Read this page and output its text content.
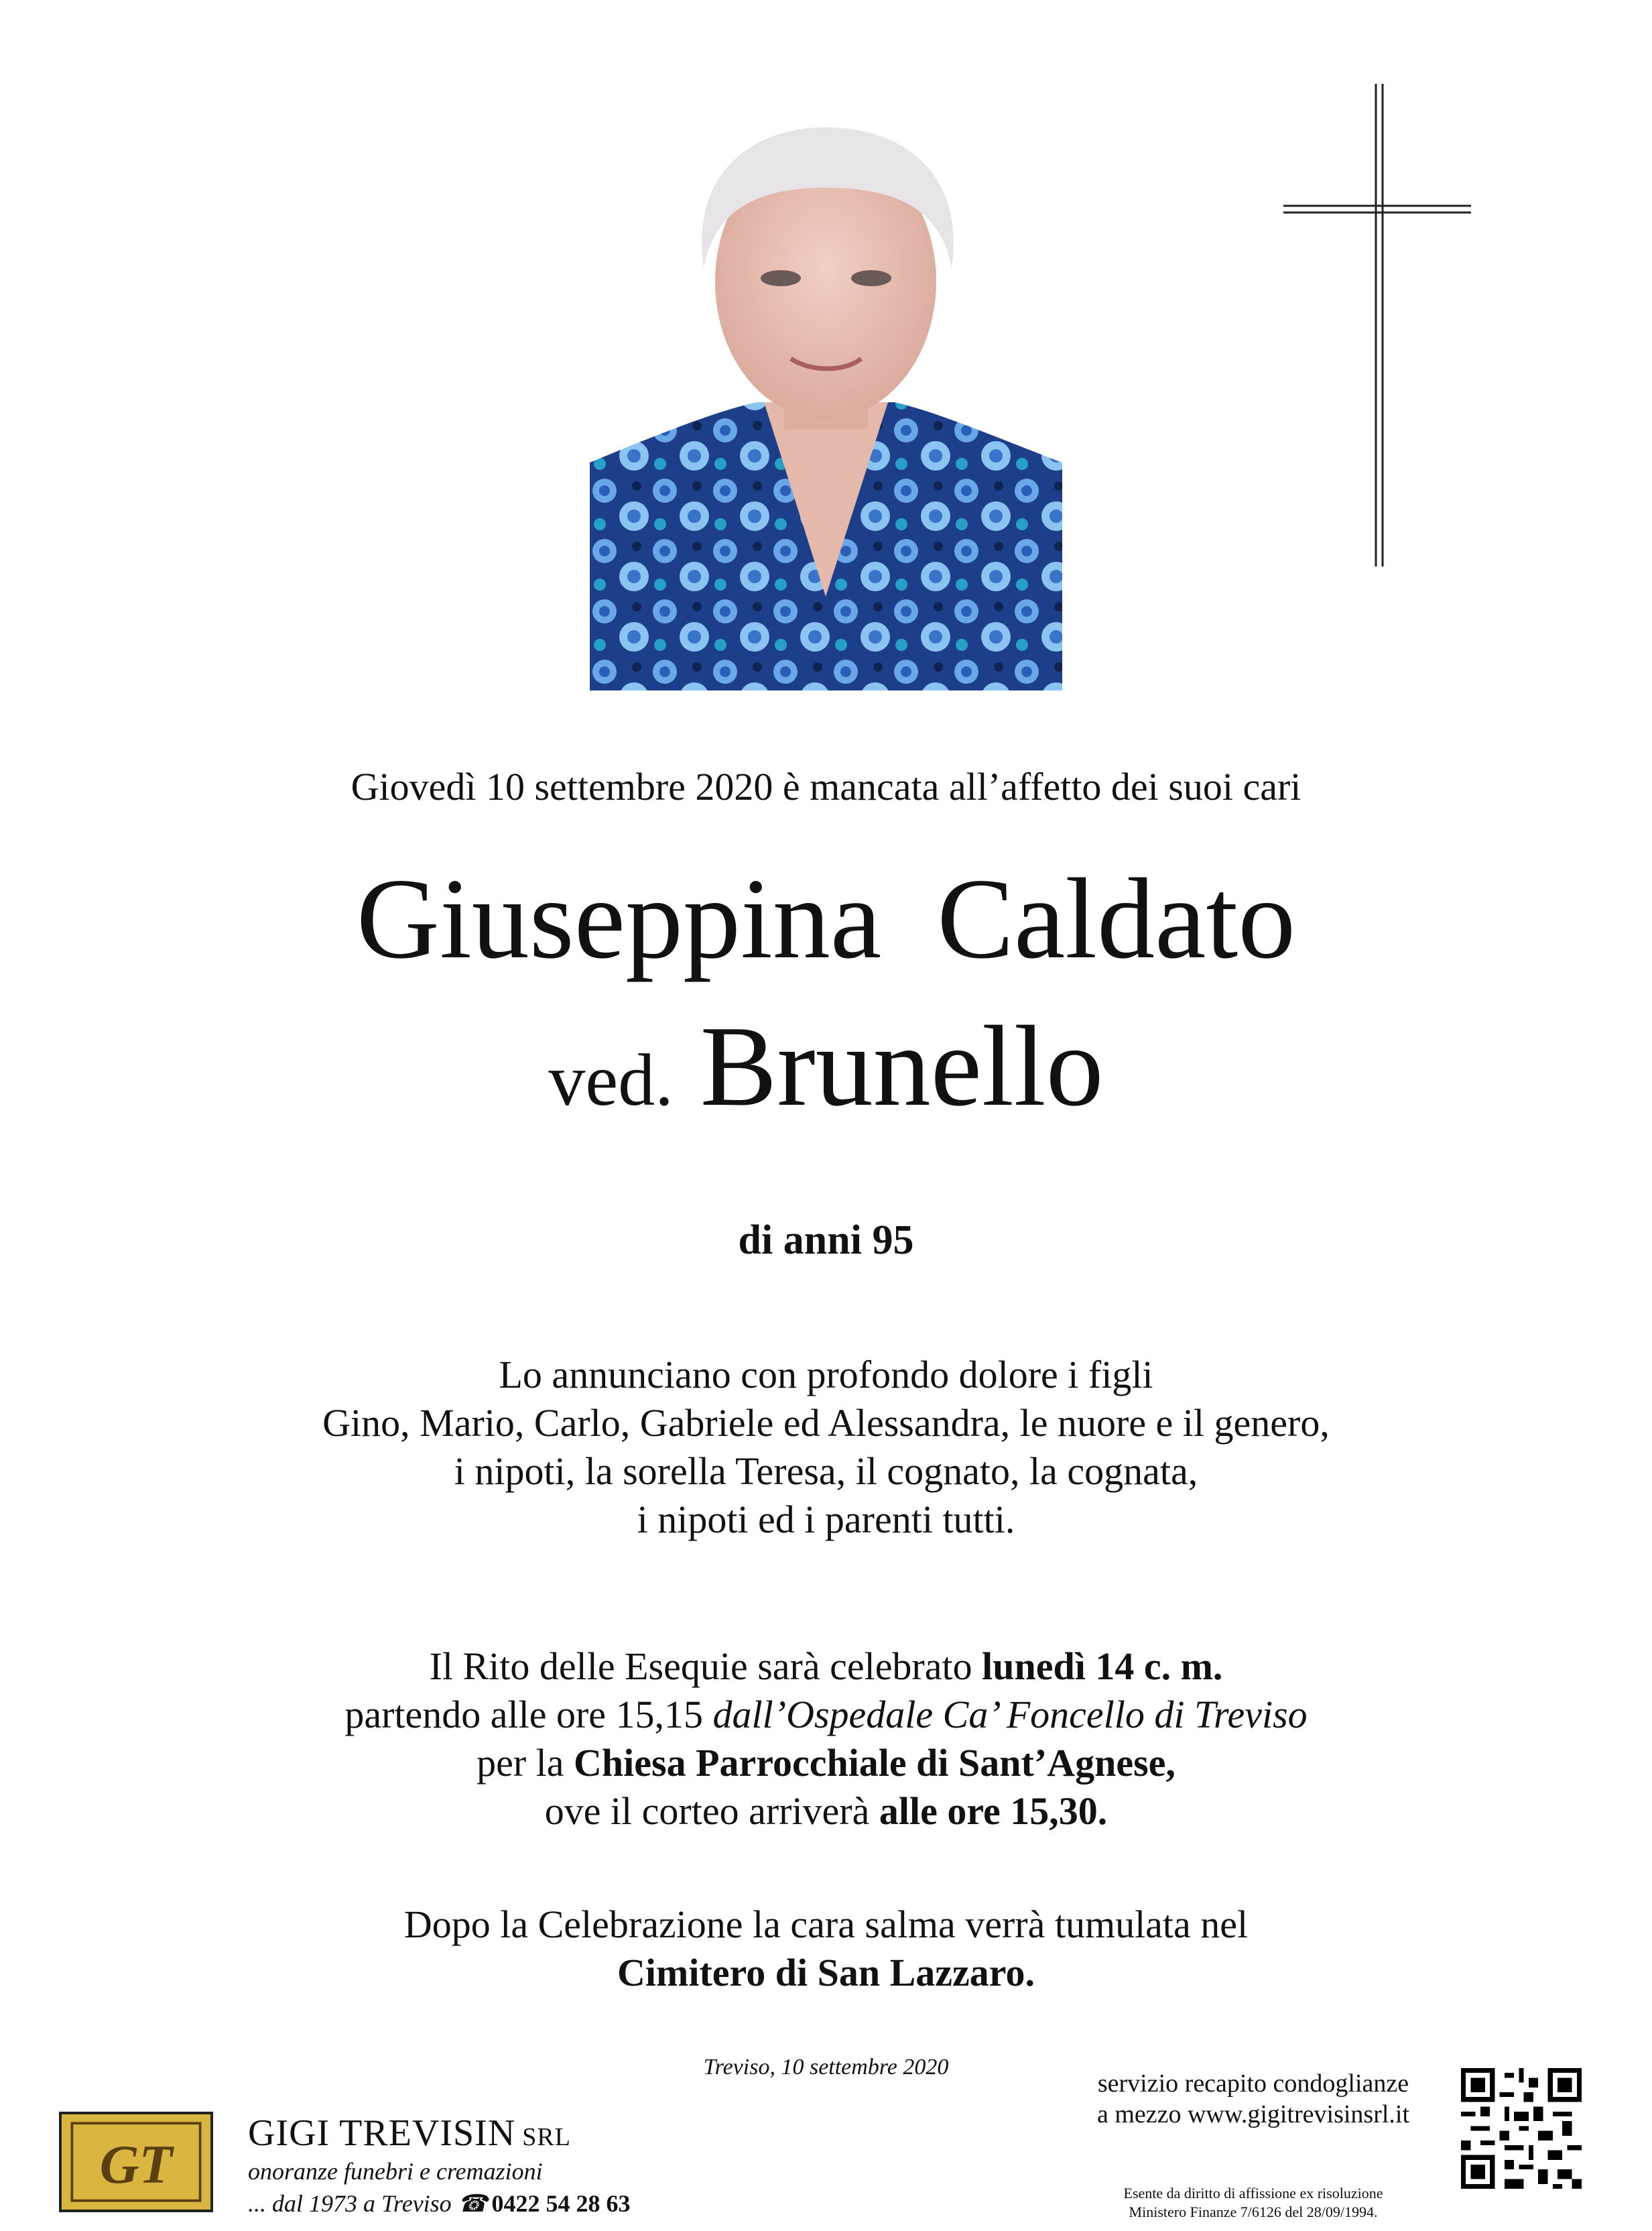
Giovedì 10 settembre 2020 è mancata all’affetto dei suoi cari
Giuseppina Caldato
ved. Brunello
di anni 95
Lo annunciano con profondo dolore i figli
Gino, Mario, Carlo, Gabriele ed Alessandra, le nuore e il genero,
i nipoti, la sorella Teresa, il cognato, la cognata,
i nipoti ed i parenti tutti.
Il Rito delle Esequie sarà celebrato lunedì 14 c. m.
partendo alle ore 15,15 dall’Ospedale Ca’ Foncello di Treviso
per la Chiesa Parrocchiale di Sant’Agnese,
ove il corteo arriverà alle ore 15,30.
Dopo la Celebrazione la cara salma verrà tumulata nel
Cimitero di San Lazzaro.
Treviso, 10 settembre 2020
GT
GIGI TREVISIN SRL
onoranze funebri e cremazioni
... dal 1973 a Treviso ☎ 0422 54 28 63
servizio recapito condoglianze
a mezzo www.gigitrevisinsrl.it
Esente da diritto di affissione ex risoluzione
Ministero Finanze 7/6126 del 28/09/1994.
